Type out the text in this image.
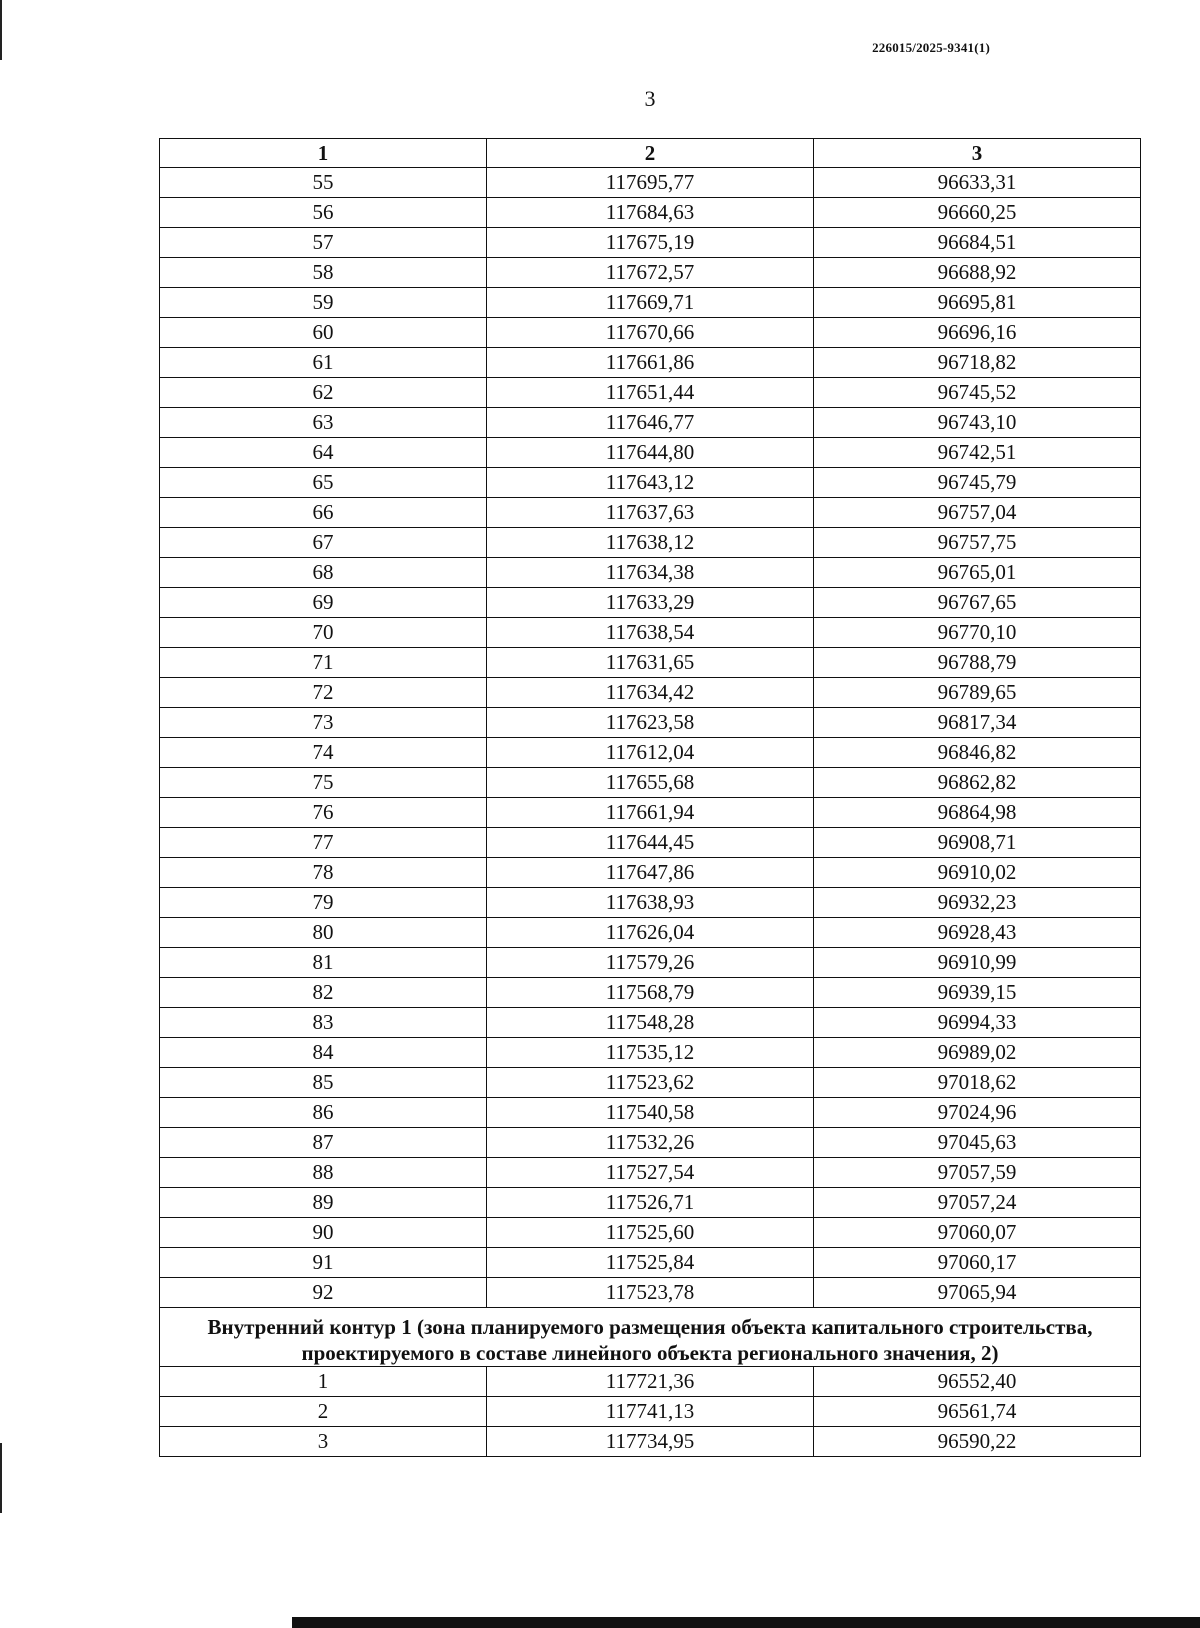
226015/2025-9341(1)
3
1	2	3
55	117695,77	96633,31
56	117684,63	96660,25
57	117675,19	96684,51
58	117672,57	96688,92
59	117669,71	96695,81
60	117670,66	96696,16
61	117661,86	96718,82
62	117651,44	96745,52
63	117646,77	96743,10
64	117644,80	96742,51
65	117643,12	96745,79
66	117637,63	96757,04
67	117638,12	96757,75
68	117634,38	96765,01
69	117633,29	96767,65
70	117638,54	96770,10
71	117631,65	96788,79
72	117634,42	96789,65
73	117623,58	96817,34
74	117612,04	96846,82
75	117655,68	96862,82
76	117661,94	96864,98
77	117644,45	96908,71
78	117647,86	96910,02
79	117638,93	96932,23
80	117626,04	96928,43
81	117579,26	96910,99
82	117568,79	96939,15
83	117548,28	96994,33
84	117535,12	96989,02
85	117523,62	97018,62
86	117540,58	97024,96
87	117532,26	97045,63
88	117527,54	97057,59
89	117526,71	97057,24
90	117525,60	97060,07
91	117525,84	97060,17
92	117523,78	97065,94
Внутренний контур 1 (зона планируемого размещения объекта капитального строительства, проектируемого в составе линейного объекта регионального значения, 2)		
1	117721,36	96552,40
2	117741,13	96561,74
3	117734,95	96590,22
